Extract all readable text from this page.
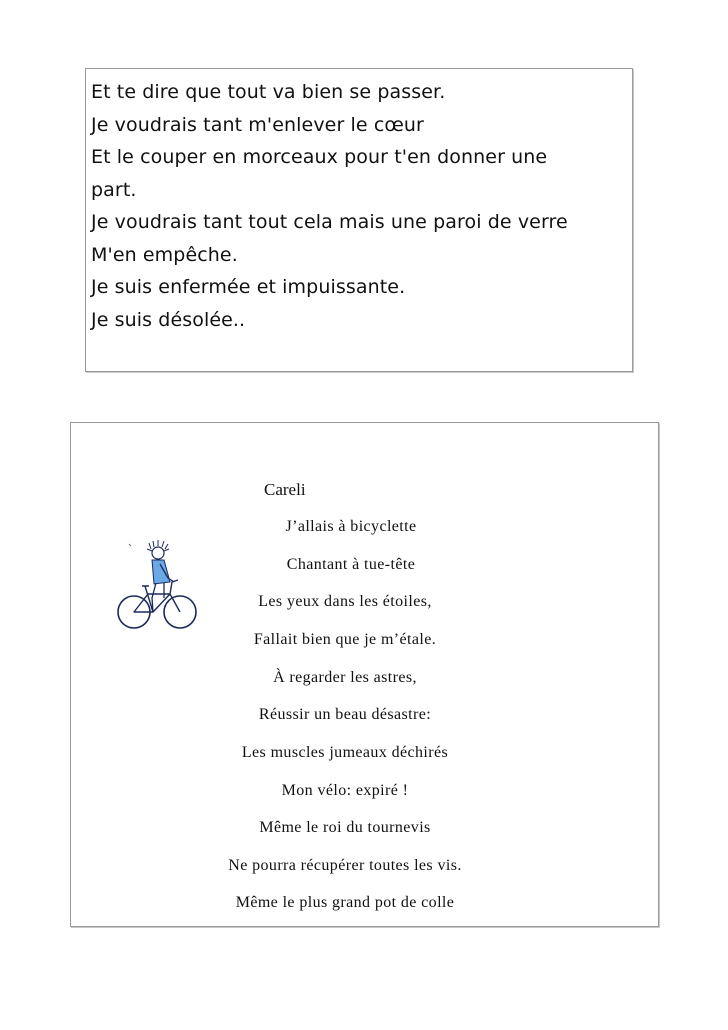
Et te dire que tout va bien se passer.
Je voudrais tant m'enlever le cœur
Et le couper en morceaux pour t'en donner une
part.
Je voudrais tant tout cela mais une paroi de verre
M'en empêche.
Je suis enfermée et impuissante.
Je suis désolée..
Careli
J’allais à bicyclette
Chantant à tue-tête
Les yeux dans les étoiles,
Fallait bien que je m’étale.
À regarder les astres,
Réussir un beau désastre:
Les muscles jumeaux déchirés
Mon vélo: expiré !
Même le roi du tournevis
Ne pourra récupérer toutes les vis.
Même le plus grand pot de colle
